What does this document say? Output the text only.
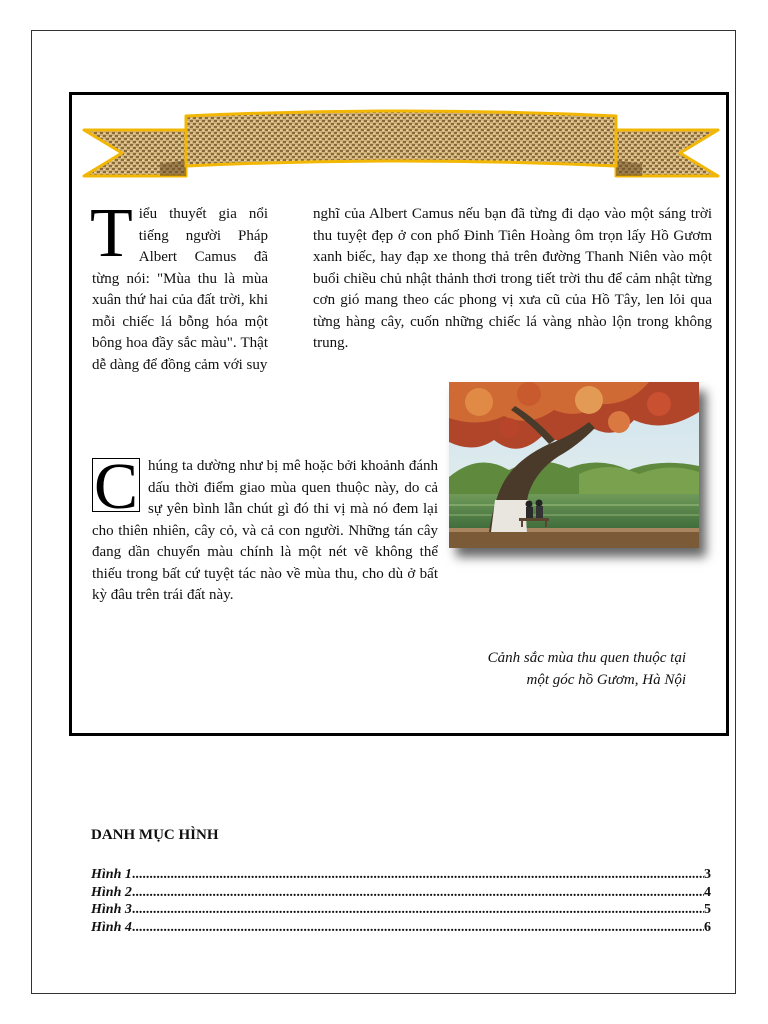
Tiểu thuyết gia nổi tiếng người Pháp Albert Camus đã từng nói: "Mùa thu là mùa xuân thứ hai của đất trời, khi mỗi chiếc lá bỗng hóa một bông hoa đầy sắc màu". Thật dễ dàng để đồng cảm với suy

nghĩ của Albert Camus nếu bạn đã từng đi dạo vào một sáng trời thu tuyệt đẹp ở con phố Đinh Tiên Hoàng ôm trọn lấy Hồ Gươm xanh biếc, hay đạp xe thong thả trên đường Thanh Niên vào một buổi chiều chủ nhật thảnh thơi trong tiết trời thu để cảm nhật từng cơn gió mang theo các phong vị xưa cũ của Hồ Tây, len lỏi qua từng hàng cây, cuốn những chiếc lá vàng nhào lộn trong không trung.

C húng ta dường như bị mê hoặc bởi khoảnh đánh dấu thời điểm giao mùa quen thuộc này, do cả sự yên bình lẫn chút gì đó thi vị mà nó đem lại cho thiên nhiên, cây cỏ, và cả con người. Những tán cây đang dần chuyển màu chính là một nét vẽ không thể thiếu trong bất cứ tuyệt tác nào về mùa thu, cho dù ở bất kỳ đâu trên trái đất này.

Cảnh sắc mùa thu quen thuộc tại
một góc hồ Gươm, Hà Nội
DANH MỤC HÌNH
Hình 1 .....	3
Hình 2 .....	4
Hình 3 .....	5
Hình 4 .....	6
